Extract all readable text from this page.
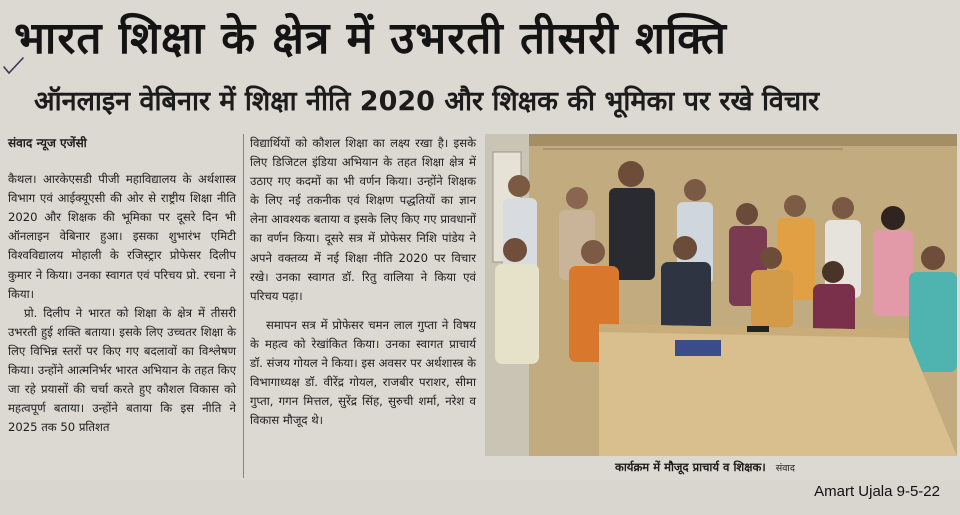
भारत शिक्षा के क्षेत्र में उभरती तीसरी शक्ति
ऑनलाइन वेबिनार में शिक्षा नीति 2020 और शिक्षक की भूमिका पर रखे विचार

संवाद न्यूज एजेंसी

कैथल। आरकेएसडी पीजी महाविद्यालय के अर्थशास्त्र विभाग एवं आईक्यूएसी की ओर से राष्ट्रीय शिक्षा नीति 2020 और शिक्षक की भूमिका पर दूसरे दिन भी ऑनलाइन वेबिनार हुआ। इसका शुभारंभ एमिटी विश्वविद्यालय मोहाली के रजिस्ट्रार प्रोफेसर दिलीप कुमार ने किया। उनका स्वागत एवं परिचय प्रो. रचना ने किया।

प्रो. दिलीप ने भारत को शिक्षा के क्षेत्र में तीसरी उभरती हुई शक्ति बताया। इसके लिए उच्चतर शिक्षा के लिए विभिन्न स्तरों पर किए गए बदलावों का विश्लेषण किया। उन्होंने आत्मनिर्भर भारत अभियान के तहत किए जा रहे प्रयासों की चर्चा करते हुए कौशल विकास को महत्वपूर्ण बताया। उन्होंने बताया कि इस नीति ने 2025 तक 50 प्रतिशत

विद्यार्थियों को कौशल शिक्षा का लक्ष्य रखा है। इसके लिए डिजिटल इंडिया अभियान के तहत शिक्षा क्षेत्र में उठाए गए कदमों का भी वर्णन किया। उन्होंने शिक्षक के लिए नई तकनीक एवं शिक्षण पद्धतियों का ज्ञान लेना आवश्यक बताया व इसके लिए किए गए प्रावधानों का वर्णन किया। दूसरे सत्र में प्रोफेसर निशि पांडेय ने अपने वक्तव्य में नई शिक्षा नीति 2020 पर विचार रखे। उनका स्वागत डॉ. रितु वालिया ने किया एवं परिचय पढ़ा।

समापन सत्र में प्रोफेसर चमन लाल गुप्ता ने विषय के महत्व को रेखांकित किया। उनका स्वागत प्राचार्य डॉ. संजय गोयल ने किया। इस अवसर पर अर्थशास्त्र के विभागाध्यक्ष डॉ. वीरेंद्र गोयल, राजबीर पराशर, सीमा गुप्ता, गगन मित्तल, सुरेंद्र सिंह, सुरुची शर्मा, नरेश व विकास मौजूद थे।

कार्यक्रम में मौजूद प्राचार्य व शिक्षक। संवाद
Amart Ujala 9-5-22
